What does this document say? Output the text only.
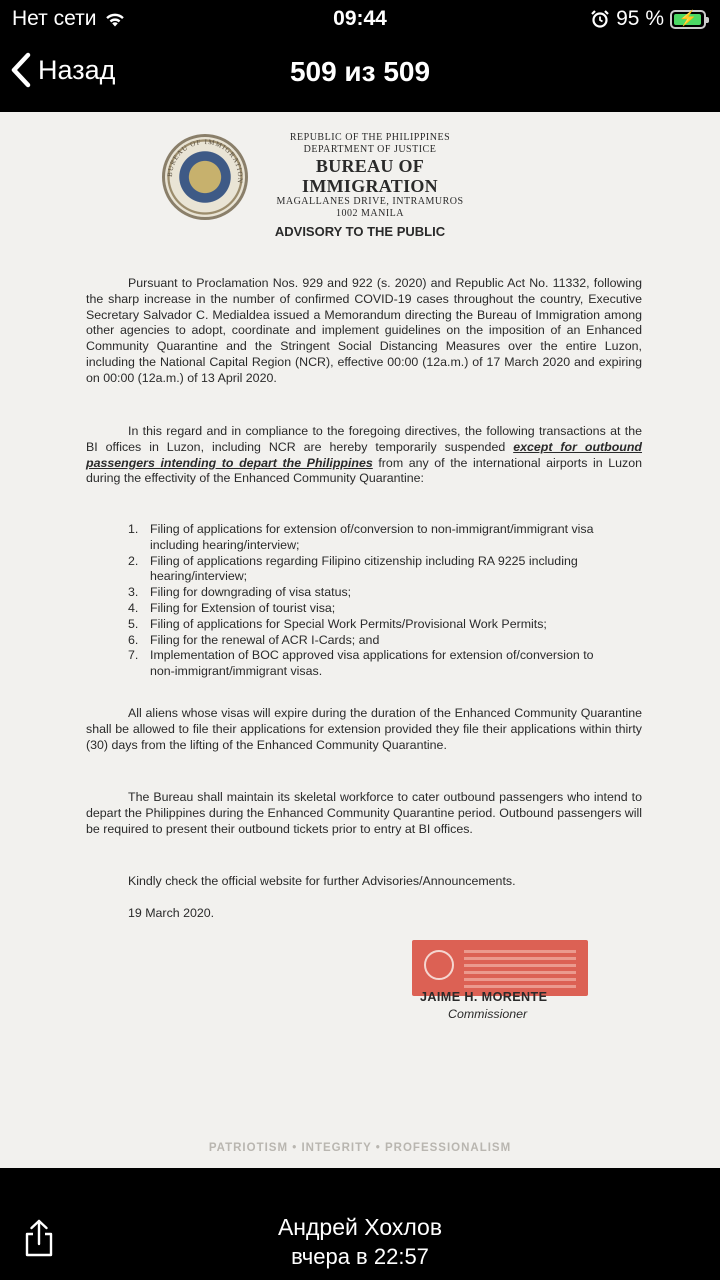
Нет сети	09:44	95 % ⚡
Назад	509 из 509
BUREAU OF IMMIGRATION
REPUBLIC OF THE PHILIPPINES
DEPARTMENT OF JUSTICE
BUREAU OF IMMIGRATION
MAGALLANES DRIVE, INTRAMUROS
1002 MANILA
ADVISORY TO THE PUBLIC

Pursuant to Proclamation Nos. 929 and 922 (s. 2020) and Republic Act No. 11332, following the sharp increase in the number of confirmed COVID-19 cases throughout the country, Executive Secretary Salvador C. Medialdea issued a Memorandum directing the Bureau of Immigration among other agencies to adopt, coordinate and implement guidelines on the imposition of an Enhanced Community Quarantine and the Stringent Social Distancing Measures over the entire Luzon, including the National Capital Region (NCR), effective 00:00 (12a.m.) of 17 March 2020 and expiring on 00:00 (12a.m.) of 13 April 2020.

In this regard and in compliance to the foregoing directives, the following transactions at the BI offices in Luzon, including NCR are hereby temporarily suspended except for outbound passengers intending to depart the Philippines from any of the international airports in Luzon during the effectivity of the Enhanced Community Quarantine:

1. Filing of applications for extension of/conversion to non-immigrant/immigrant visa including hearing/interview;
2. Filing of applications regarding Filipino citizenship including RA 9225 including hearing/interview;
3. Filing for downgrading of visa status;
4. Filing for Extension of tourist visa;
5. Filing of applications for Special Work Permits/Provisional Work Permits;
6. Filing for the renewal of ACR I-Cards; and
7. Implementation of BOC approved visa applications for extension of/conversion to non-immigrant/immigrant visas.

All aliens whose visas will expire during the duration of the Enhanced Community Quarantine shall be allowed to file their applications for extension provided they file their applications within thirty (30) days from the lifting of the Enhanced Community Quarantine.

The Bureau shall maintain its skeletal workforce to cater outbound passengers who intend to depart the Philippines during the Enhanced Community Quarantine period. Outbound passengers will be required to present their outbound tickets prior to entry at BI offices.

Kindly check the official website for further Advisories/Announcements.

19 March 2020.

JAIME H. MORENTE
Commissioner
PATRIOTISM • INTEGRITY • PROFESSIONALISM
Андрей Хохлов
вчера в 22:57
